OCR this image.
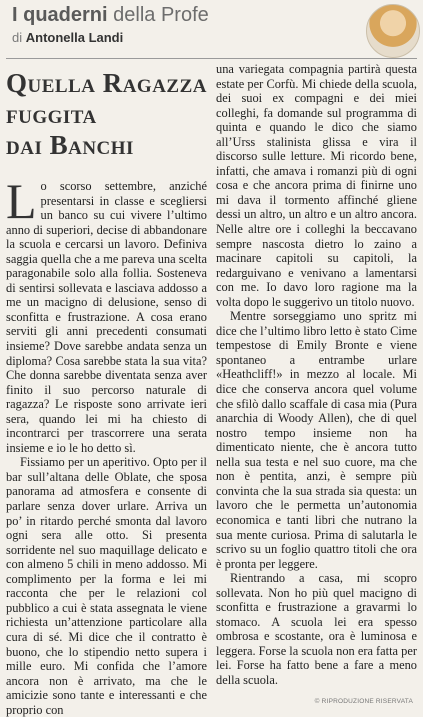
I quaderni della Profe
di Antonella Landi
Quella Ragazza
fuggita
dai Banchi

Lo scorso settembre, anziché presentarsi in classe e scegliersi un banco su cui vivere l’ultimo anno di superiori, decise di abbandonare la scuola e cercarsi un lavoro. Definiva saggia quella che a me pareva una scelta paragonabile solo alla follia. Sosteneva di sentirsi sollevata e lasciava addosso a me un macigno di delusione, senso di sconfitta e frustrazione. A cosa erano serviti gli anni precedenti consumati insieme? Dove sarebbe andata senza un diploma? Cosa sarebbe stata la sua vita? Che donna sarebbe diventata senza aver finito il suo percorso naturale di ragazza? Le risposte sono arrivate ieri sera, quando lei mi ha chiesto di incontrarci per trascorrere una serata insieme e io le ho detto sì.

Fissiamo per un aperitivo. Opto per il bar sull’altana delle Oblate, che sposa panorama ad atmosfera e consente di parlare senza dover urlare. Arriva un po’ in ritardo perché smonta dal lavoro ogni sera alle otto. Si presenta sorridente nel suo maquillage delicato e con almeno 5 chili in meno addosso. Mi complimento per la forma e lei mi racconta che per le relazioni col pubblico a cui è stata assegnata le viene richiesta un’attenzione particolare alla cura di sé. Mi dice che il contratto è buono, che lo stipendio netto supera i mille euro. Mi confida che l’amore ancora non è arrivato, ma che le amicizie sono tante e interessanti e che proprio con

una variegata compagnia partirà questa estate per Corfù. Mi chiede della scuola, dei suoi ex compagni e dei miei colleghi, fa domande sul programma di quinta e quando le dico che siamo all’Urss stalinista glissa e vira il discorso sulle letture. Mi ricordo bene, infatti, che amava i romanzi più di ogni cosa e che ancora prima di finirne uno mi dava il tormento affinché gliene dessi un altro, un altro e un altro ancora. Nelle altre ore i colleghi la beccavano sempre nascosta dietro lo zaino a macinare capitoli su capitoli, la redarguivano e venivano a lamentarsi con me. Io davo loro ragione ma la volta dopo le suggerivo un titolo nuovo.

Mentre sorseggiamo uno spritz mi dice che l’ultimo libro letto è stato Cime tempestose di Emily Bronte e viene spontaneo a entrambe urlare «Heathcliff!» in mezzo al locale. Mi dice che conserva ancora quel volume che sfilò dallo scaffale di casa mia (Pura anarchia di Woody Allen), che di quel nostro tempo insieme non ha dimenticato niente, che è ancora tutto nella sua testa e nel suo cuore, ma che non è pentita, anzi, è sempre più convinta che la sua strada sia questa: un lavoro che le permetta un’autonomia economica e tanti libri che nutrano la sua mente curiosa. Prima di salutarla le scrivo su un foglio quattro titoli che ora è pronta per leggere.

Rientrando a casa, mi scopro sollevata. Non ho più quel macigno di sconfitta e frustrazione a gravarmi lo stomaco. A scuola lei era spesso ombrosa e scostante, ora è luminosa e leggera. Forse la scuola non era fatta per lei. Forse ha fatto bene a fare a meno della scuola.

© RIPRODUZIONE RISERVATA
